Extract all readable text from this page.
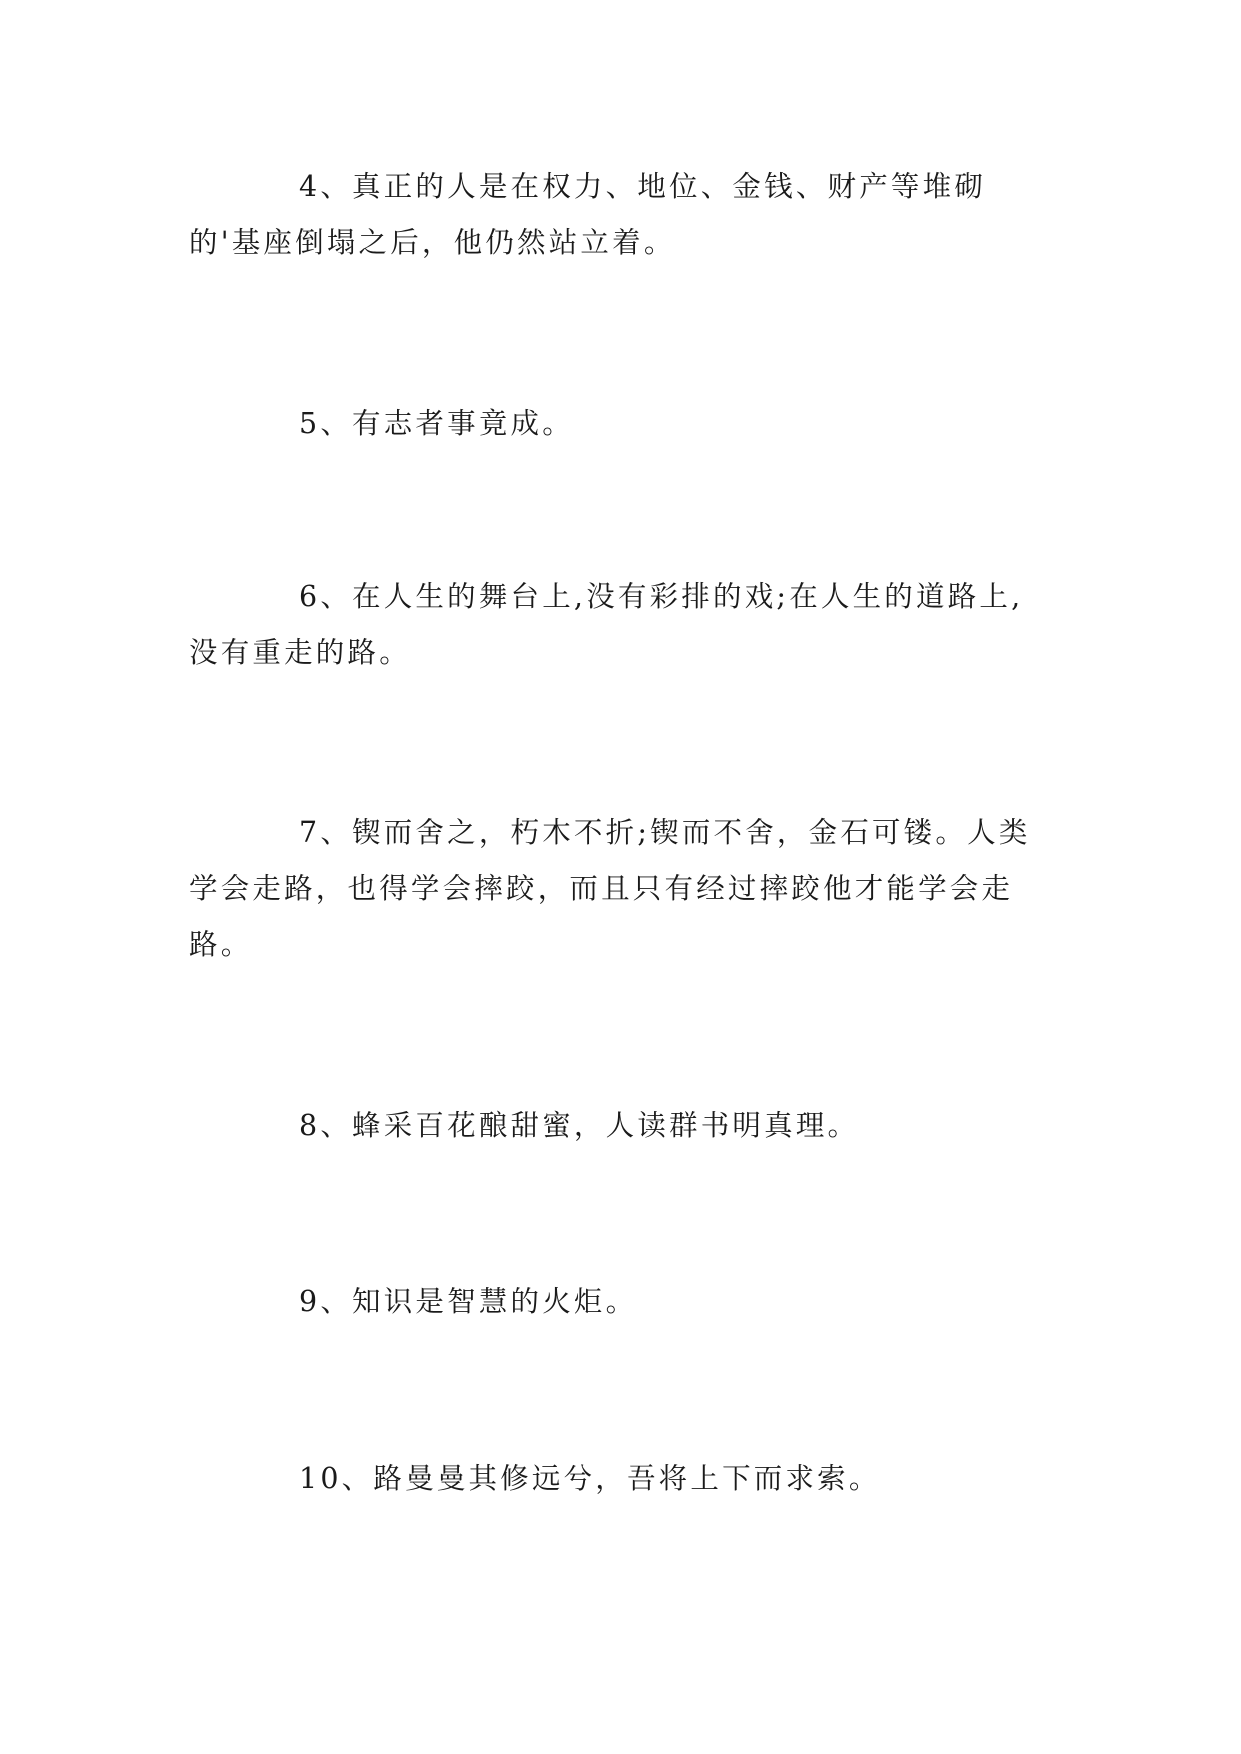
4、真正的人是在权力、地位、金钱、财产等堆砌的'基座倒塌之后，他仍然站立着。

5、有志者事竟成。

6、在人生的舞台上,没有彩排的戏;在人生的道路上,没有重走的路。

7、锲而舍之，朽木不折;锲而不舍，金石可镂。人类学会走路，也得学会摔跤，而且只有经过摔跤他才能学会走路。

8、蜂采百花酿甜蜜，人读群书明真理。

9、知识是智慧的火炬。

10、路曼曼其修远兮，吾将上下而求索。
